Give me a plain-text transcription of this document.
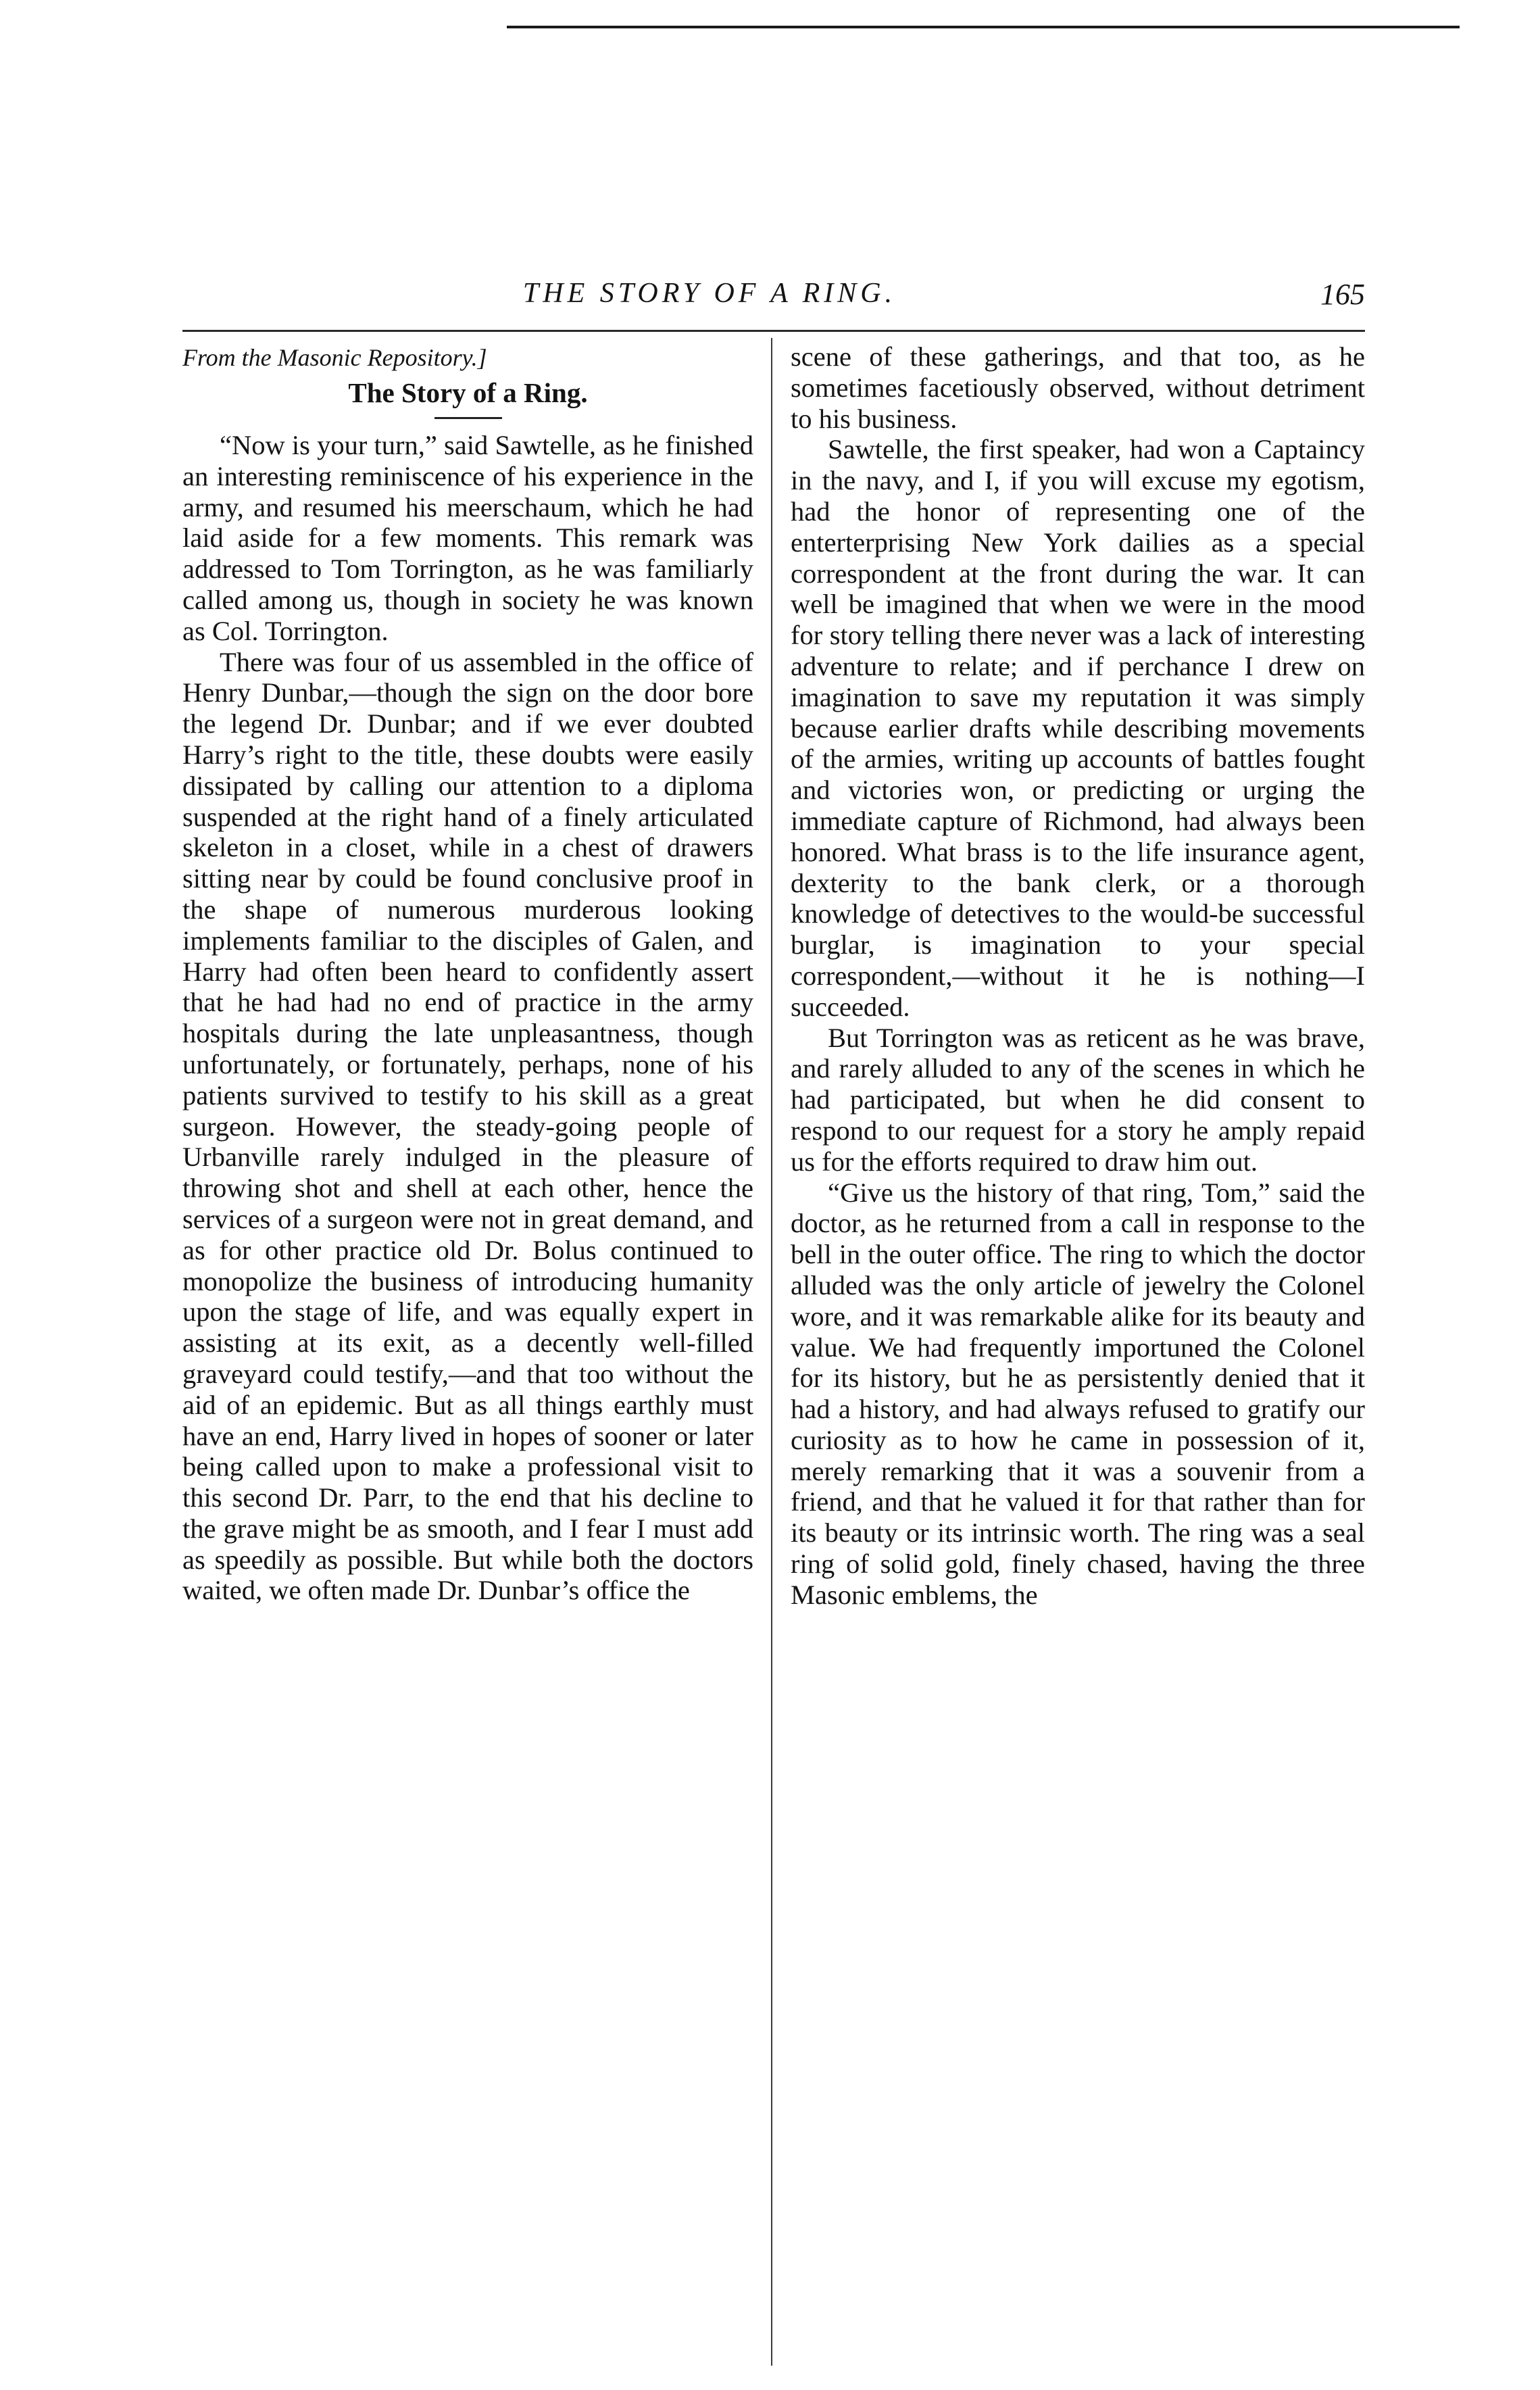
THE STORY OF A RING.	165
From the Masonic Repository.]
The Story of a Ring.

“Now is your turn,” said Sawtelle, as he finished an interesting reminiscence of his experience in the army, and resumed his meerschaum, which he had laid aside for a few moments. This remark was addressed to Tom Torrington, as he was familiarly called among us, though in society he was known as Col. Torrington.

There was four of us assembled in the office of Henry Dunbar,—though the sign on the door bore the legend Dr. Dunbar; and if we ever doubted Harry’s right to the title, these doubts were easily dissipated by calling our attention to a diploma suspended at the right hand of a finely articulated skeleton in a closet, while in a chest of drawers sitting near by could be found conclusive proof in the shape of numerous murderous looking implements familiar to the disciples of Galen, and Harry had often been heard to confidently assert that he had had no end of practice in the army hospitals during the late unpleasantness, though unfortunately, or fortunately, perhaps, none of his patients survived to testify to his skill as a great surgeon. However, the steady-going people of Urbanville rarely indulged in the pleasure of throwing shot and shell at each other, hence the services of a surgeon were not in great demand, and as for other practice old Dr. Bolus continued to monopolize the business of introducing humanity upon the stage of life, and was equally expert in assisting at its exit, as a decently well-filled graveyard could testify,—and that too without the aid of an epidemic. But as all things earthly must have an end, Harry lived in hopes of sooner or later being called upon to make a professional visit to this second Dr. Parr, to the end that his decline to the grave might be as smooth, and I fear I must add as speedily as possible. But while both the doctors waited, we often made Dr. Dunbar’s office the

scene of these gatherings, and that too, as he sometimes facetiously observed, without detriment to his business.

Sawtelle, the first speaker, had won a Captaincy in the navy, and I, if you will excuse my egotism, had the honor of representing one of the enterterprising New York dailies as a special correspondent at the front during the war. It can well be imagined that when we were in the mood for story telling there never was a lack of interesting adventure to relate; and if perchance I drew on imagination to save my reputation it was simply because earlier drafts while describing movements of the armies, writing up accounts of battles fought and victories won, or predicting or urging the immediate capture of Richmond, had always been honored. What brass is to the life insurance agent, dexterity to the bank clerk, or a thorough knowledge of detectives to the would-be successful burglar, is imagination to your special correspondent,—without it he is nothing—I succeeded.

But Torrington was as reticent as he was brave, and rarely alluded to any of the scenes in which he had participated, but when he did consent to respond to our request for a story he amply repaid us for the efforts required to draw him out.

“Give us the history of that ring, Tom,” said the doctor, as he returned from a call in response to the bell in the outer office. The ring to which the doctor alluded was the only article of jewelry the Colonel wore, and it was remarkable alike for its beauty and value. We had frequently importuned the Colonel for its history, but he as persistently denied that it had a history, and had always refused to gratify our curiosity as to how he came in possession of it, merely remarking that it was a souvenir from a friend, and that he valued it for that rather than for its beauty or its intrinsic worth. The ring was a seal ring of solid gold, finely chased, having the three Masonic emblems, the
